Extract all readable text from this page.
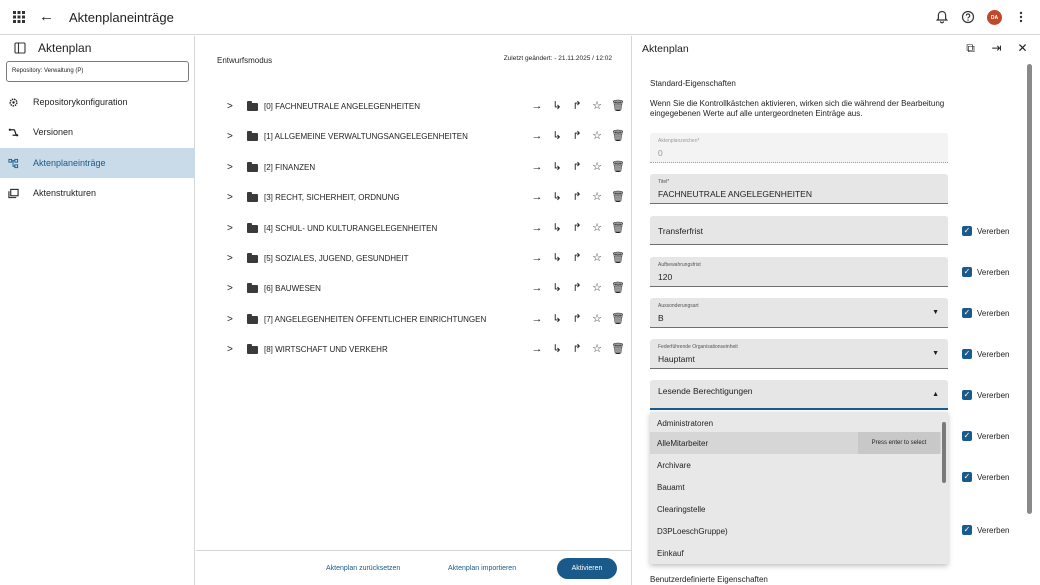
← Aktenplaneinträge	DA
Aktenplan
Repository: Verwaltung (P)
Repositorykonfiguration
Versionen
Aktenplaneinträge
Aktenstrukturen
Entwurfsmodus	Zuletzt geändert: - 21.11.2025 / 12:02
>	[0] FACHNEUTRALE ANGELEGENHEITEN	→ ↳ ↱ ☆ 🗑
>	[1] ALLGEMEINE VERWALTUNGSANGELEGENHEITEN	→ ↳ ↱ ☆ 🗑
>	[2] FINANZEN	→ ↳ ↱ ☆ 🗑
>	[3] RECHT, SICHERHEIT, ORDNUNG	→ ↳ ↱ ☆ 🗑
>	[4] SCHUL- UND KULTURANGELEGENHEITEN	→ ↳ ↱ ☆ 🗑
>	[5] SOZIALES, JUGEND, GESUNDHEIT	→ ↳ ↱ ☆ 🗑
>	[6] BAUWESEN	→ ↳ ↱ ☆ 🗑
>	[7] ANGELEGENHEITEN ÖFFENTLICHER EINRICHTUNGEN	→ ↳ ↱ ☆ 🗑
>	[8] WIRTSCHAFT UND VERKEHR	→ ↳ ↱ ☆ 🗑
Aktenplan zurücksetzen	Aktenplan importieren	Aktivieren
Aktenplan	⧉ ⇥ ✕
Standard-Eigenschaften

Wenn Sie die Kontrollkästchen aktivieren, wirken sich die während der Bearbeitung eingegebenen Werte auf alle untergeordneten Einträge aus.

Aktenplanzeichen*
0
Titel*
FACHNEUTRALE ANGELEGENHEITEN
Transferfrist	✓ Vererben
Aufbewahrungsfrist
120
✓ Vererben
Aussonderungsart
B
▼	✓ Vererben
Federführende Organisationseinheit
Hauptamt
▼	✓ Vererben
Lesende Berechtigungen	▲	✓ Vererben
✓ Vererben
✓ Vererben
✓ Vererben
Administratoren
AlleMitarbeiter	Press enter to select
Archivare
Bauamt
Clearingstelle
D3PLoeschGruppe)
Einkauf
Benutzerdefinierte Eigenschaften
